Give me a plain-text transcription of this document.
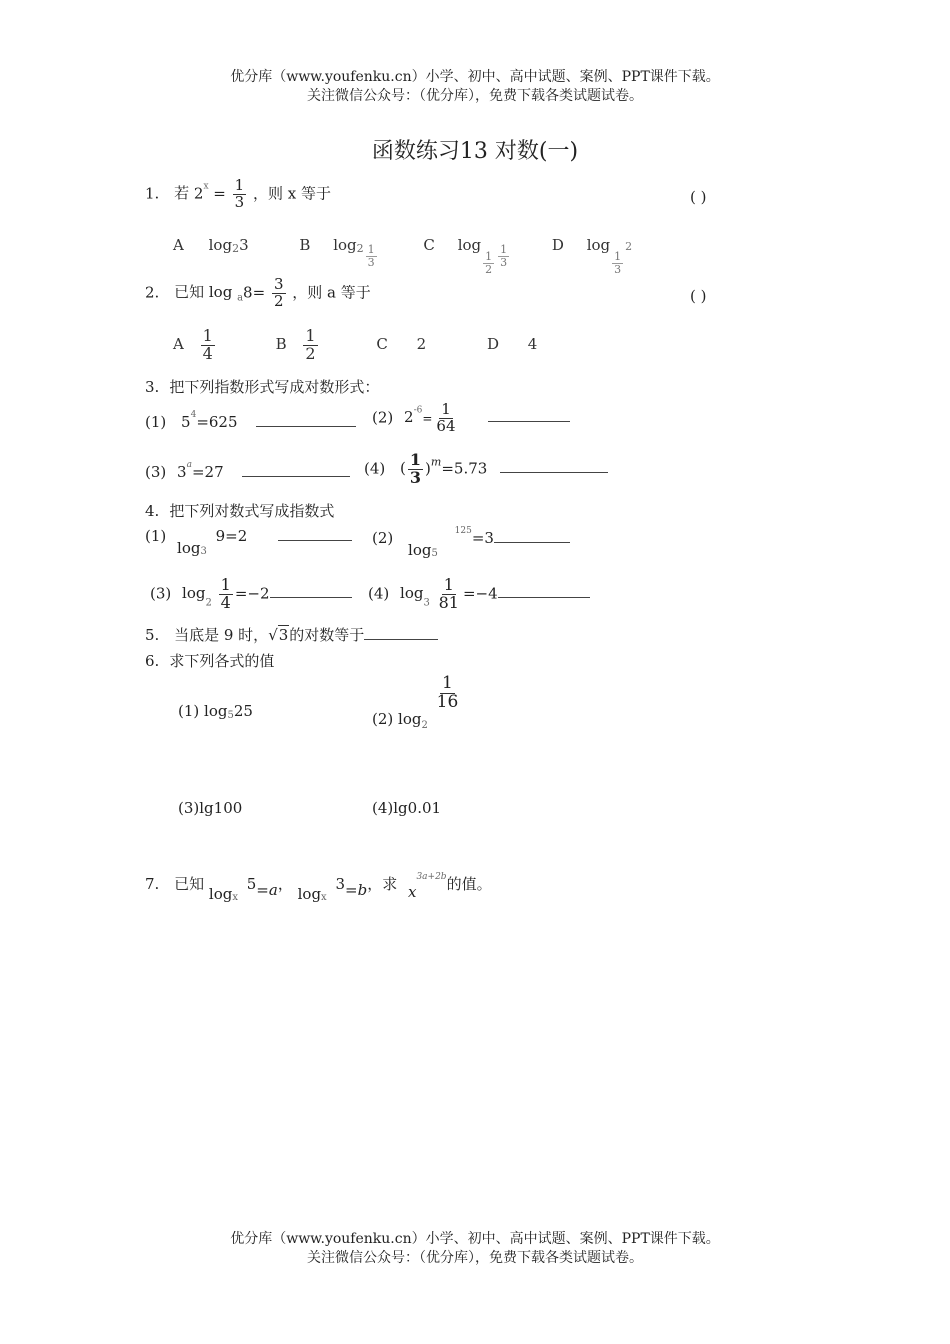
优分库（www.youfenku.cn）小学、初中、高中试题、案例、PPT课件下载。
关注微信公众号：（优分库），免费下载各类试题试卷。
函数练习13 对数(一)
1. 若 $2^x = \frac{1}{3}$ ，则 x 等于	( )
A log23	B $\log 2 \frac{1}{3}$	C log
$\frac{1}{2} \frac{1}{3}$	D log
$\frac{1}{3}$
2
2. 已知 $\log _a8= \frac{3}{2}$ ，则 a 等于	( )
A $\frac{1}{4}$	B $\frac{1}{2}$	C 2	D 4
3. 把下列指数形式写成对数形式：
(1) $5^4=625$	(2) $2^{-6}= \frac{1}{64}$

(3) $3^a=27$	(4) ( $\frac{1}{3} )^m=5.73$
4. 把下列对数式写成指数式
(1) $\log_3 9=2$	(2) $\log_5 ^{125}=3$
(3) $\log_2 \frac{1}{4} =-2$	(4) $\log_3 \frac{1}{81} =-4$
5. 当底是 9 时，√3的对数等于
6. 求下列各式的值
(1) $\log_525$	(2) $\log_2$
$\frac{1}{16}$
(3)lg100	(4)lg0.01
7. 已知 $\log_x 5=a$， $\log_x 3=b$，求 $x^{3a+2b}$的值。
优分库（www.youfenku.cn）小学、初中、高中试题、案例、PPT课件下载。
关注微信公众号：（优分库），免费下载各类试题试卷。
